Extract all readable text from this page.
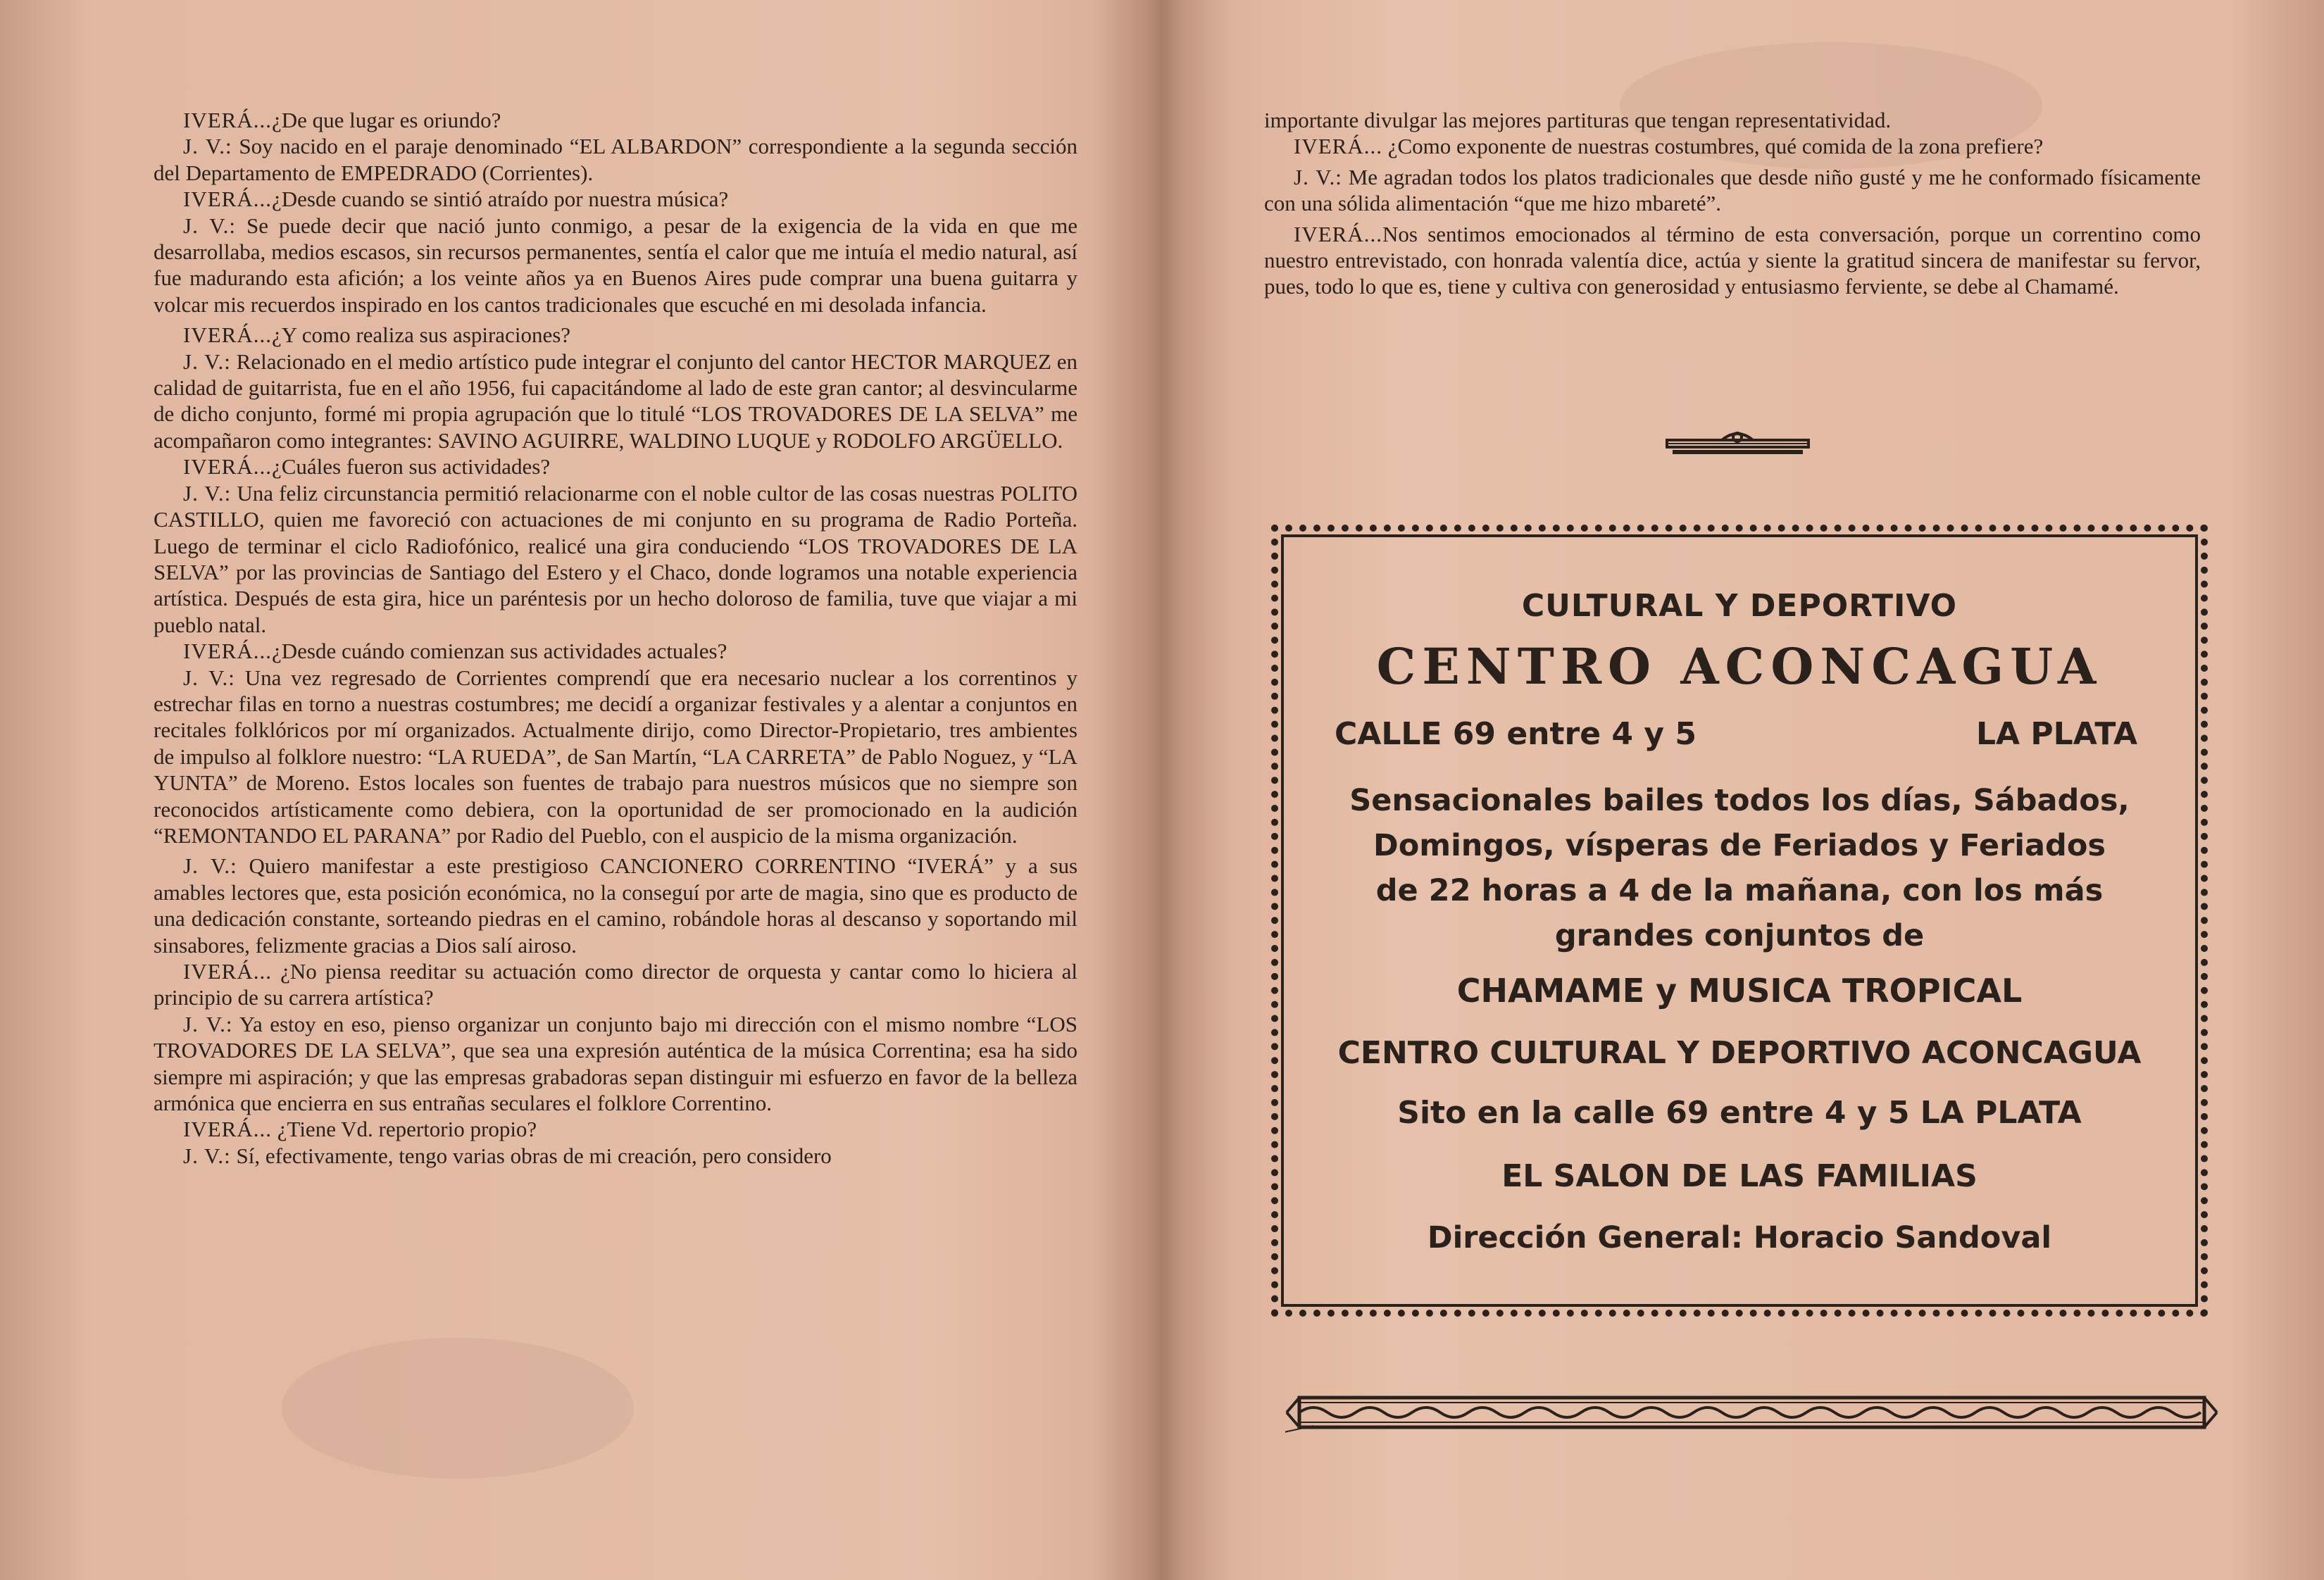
IVERÁ...¿De que lugar es oriundo?

J. V.: Soy nacido en el paraje denominado “EL ALBARDON” correspondiente a la segunda sección del Departamento de EMPEDRADO (Corrientes).

IVERÁ...¿Desde cuando se sintió atraído por nuestra música?

J. V.: Se puede decir que nació junto conmigo, a pesar de la exigencia de la vida en que me desarrollaba, medios escasos, sin recursos permanentes, sentía el calor que me intuía el medio natural, así fue madurando esta afición; a los veinte años ya en Buenos Aires pude comprar una buena guitarra y volcar mis recuerdos inspirado en los cantos tradicionales que escuché en mi desolada infancia.

IVERÁ...¿Y como realiza sus aspiraciones?

J. V.: Relacionado en el medio artístico pude integrar el conjunto del cantor HECTOR MARQUEZ en calidad de guitarrista, fue en el año 1956, fui capacitándome al lado de este gran cantor; al desvincularme de dicho conjunto, formé mi propia agrupación que lo titulé “LOS TROVADORES DE LA SELVA” me acompañaron como integrantes: SAVINO AGUIRRE, WALDINO LUQUE y RODOLFO ARGÜELLO.

IVERÁ...¿Cuáles fueron sus actividades?

J. V.: Una feliz circunstancia permitió relacionarme con el noble cultor de las cosas nuestras POLITO CASTILLO, quien me favoreció con actuaciones de mi conjunto en su programa de Radio Porteña. Luego de terminar el ciclo Radiofónico, realicé una gira conduciendo “LOS TROVADORES DE LA SELVA” por las provincias de Santiago del Estero y el Chaco, donde logramos una notable experiencia artística. Después de esta gira, hice un paréntesis por un hecho doloroso de familia, tuve que viajar a mi pueblo natal.

IVERÁ...¿Desde cuándo comienzan sus actividades actuales?

J. V.: Una vez regresado de Corrientes comprendí que era necesario nuclear a los correntinos y estrechar filas en torno a nuestras costumbres; me decidí a organizar festivales y a alentar a conjuntos en recitales folklóricos por mí organizados. Actualmente dirijo, como Director-Propietario, tres ambientes de impulso al folklore nuestro: “LA RUEDA”, de San Martín, “LA CARRETA” de Pablo Noguez, y “LA YUNTA” de Moreno. Estos locales son fuentes de trabajo para nuestros músicos que no siempre son reconocidos artísticamente como debiera, con la oportunidad de ser promocionado en la audición “REMONTANDO EL PARANA” por Radio del Pueblo, con el auspicio de la misma organización.

J. V.: Quiero manifestar a este prestigioso CANCIONERO CORRENTINO “IVERÁ” y a sus amables lectores que, esta posición económica, no la conseguí por arte de magia, sino que es producto de una dedicación constante, sorteando piedras en el camino, robándole horas al descanso y soportando mil sinsabores, felizmente gracias a Dios salí airoso.

IVERÁ... ¿No piensa reeditar su actuación como director de orquesta y cantar como lo hiciera al principio de su carrera artística?

J. V.: Ya estoy en eso, pienso organizar un conjunto bajo mi dirección con el mismo nombre “LOS TROVADORES DE LA SELVA”, que sea una expresión auténtica de la música Correntina; esa ha sido siempre mi aspiración; y que las empresas grabadoras sepan distinguir mi esfuerzo en favor de la belleza armónica que encierra en sus entrañas seculares el folklore Correntino.

IVERÁ... ¿Tiene Vd. repertorio propio?

J. V.: Sí, efectivamente, tengo varias obras de mi creación, pero considero

importante divulgar las mejores partituras que tengan representatividad.

IVERÁ... ¿Como exponente de nuestras costumbres, qué comida de la zona prefiere?

J. V.: Me agradan todos los platos tradicionales que desde niño gusté y me he conformado físicamente con una sólida alimentación “que me hizo mbareté”.

IVERÁ...Nos sentimos emocionados al término de esta conversación, porque un correntino como nuestro entrevistado, con honrada valentía dice, actúa y siente la gratitud sincera de manifestar su fervor, pues, todo lo que es, tiene y cultiva con generosidad y entusiasmo ferviente, se debe al Chamamé.

CULTURAL Y DEPORTIVO
CENTRO ACONCAGUA
CALLE 69 entre 4 y 5	LA PLATA
Sensacionales bailes todos los días, Sábados,
Domingos, vísperas de Feriados y Feriados
de 22 horas a 4 de la mañana, con los más
grandes conjuntos de
CHAMAME y MUSICA TROPICAL
CENTRO CULTURAL Y DEPORTIVO ACONCAGUA
Sito en la calle 69 entre 4 y 5 LA PLATA
EL SALON DE LAS FAMILIAS
Dirección General: Horacio Sandoval
